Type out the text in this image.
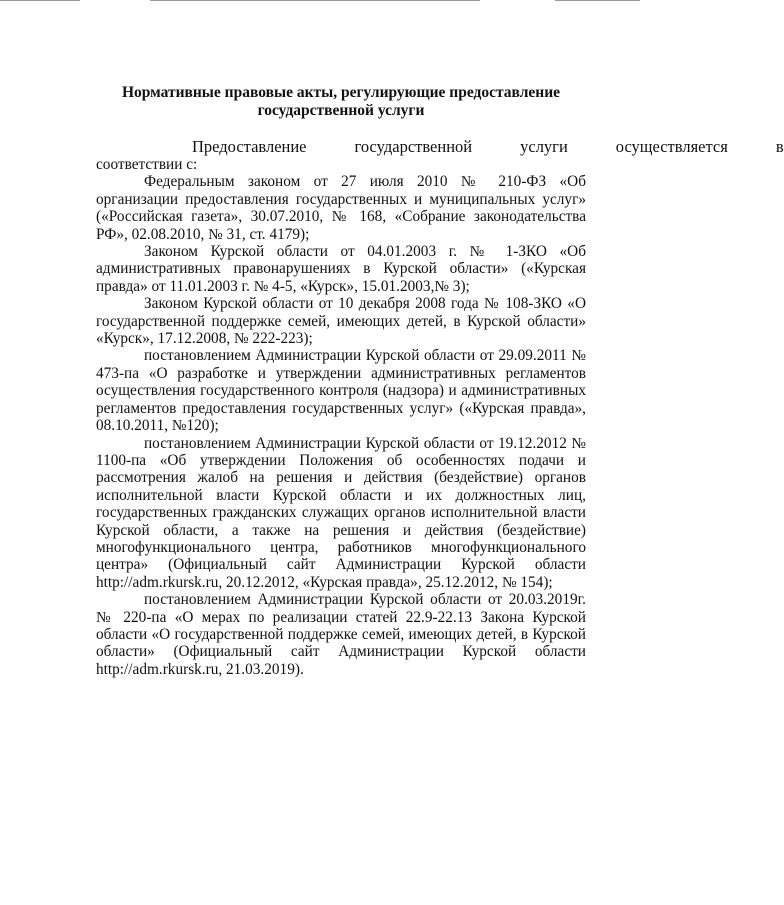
Нормативные правовые акты, регулирующие предоставление
государственной услуги
Предоставление	государственной	услуги	осуществляется	в
соответствии с:

Федеральным законом от 27 июля 2010 № 210-ФЗ «Об организации предоставления государственных и муниципальных услуг» («Российская газета», 30.07.2010, № 168, «Собрание законодательства РФ», 02.08.2010, № 31, ст. 4179);

Законом Курской области от 04.01.2003 г. № 1-ЗКО «Об административных правонарушениях в Курской области» («Курская правда» от 11.01.2003 г. № 4-5, «Курск», 15.01.2003,№ 3);

Законом Курской области от 10 декабря 2008 года № 108-ЗКО «О государственной поддержке семей, имеющих детей, в Курской области» «Курск», 17.12.2008, № 222-223);

постановлением Администрации Курской области от 29.09.2011 № 473-па «О разработке и утверждении административных регламентов осуществления государственного контроля (надзора) и административных регламентов предоставления государственных услуг» («Курская правда», 08.10.2011, №120);

постановлением Администрации Курской области от 19.12.2012 № 1100-па «Об утверждении Положения об особенностях подачи и рассмотрения жалоб на решения и действия (бездействие) органов исполнительной власти Курской области и их должностных лиц, государственных гражданских служащих органов исполнительной власти Курской области, а также на решения и действия (бездействие) многофункционального центра, работников многофункционального центра» (Официальный сайт Администрации Курской области http://adm.rkursk.ru, 20.12.2012, «Курская правда», 25.12.2012, № 154);

постановлением Администрации Курской области от 20.03.2019г. № 220-па «О мерах по реализации статей 22.9-22.13 Закона Курской области «О государственной поддержке семей, имеющих детей, в Курской области» (Официальный сайт Администрации Курской области http://adm.rkursk.ru, 21.03.2019).
